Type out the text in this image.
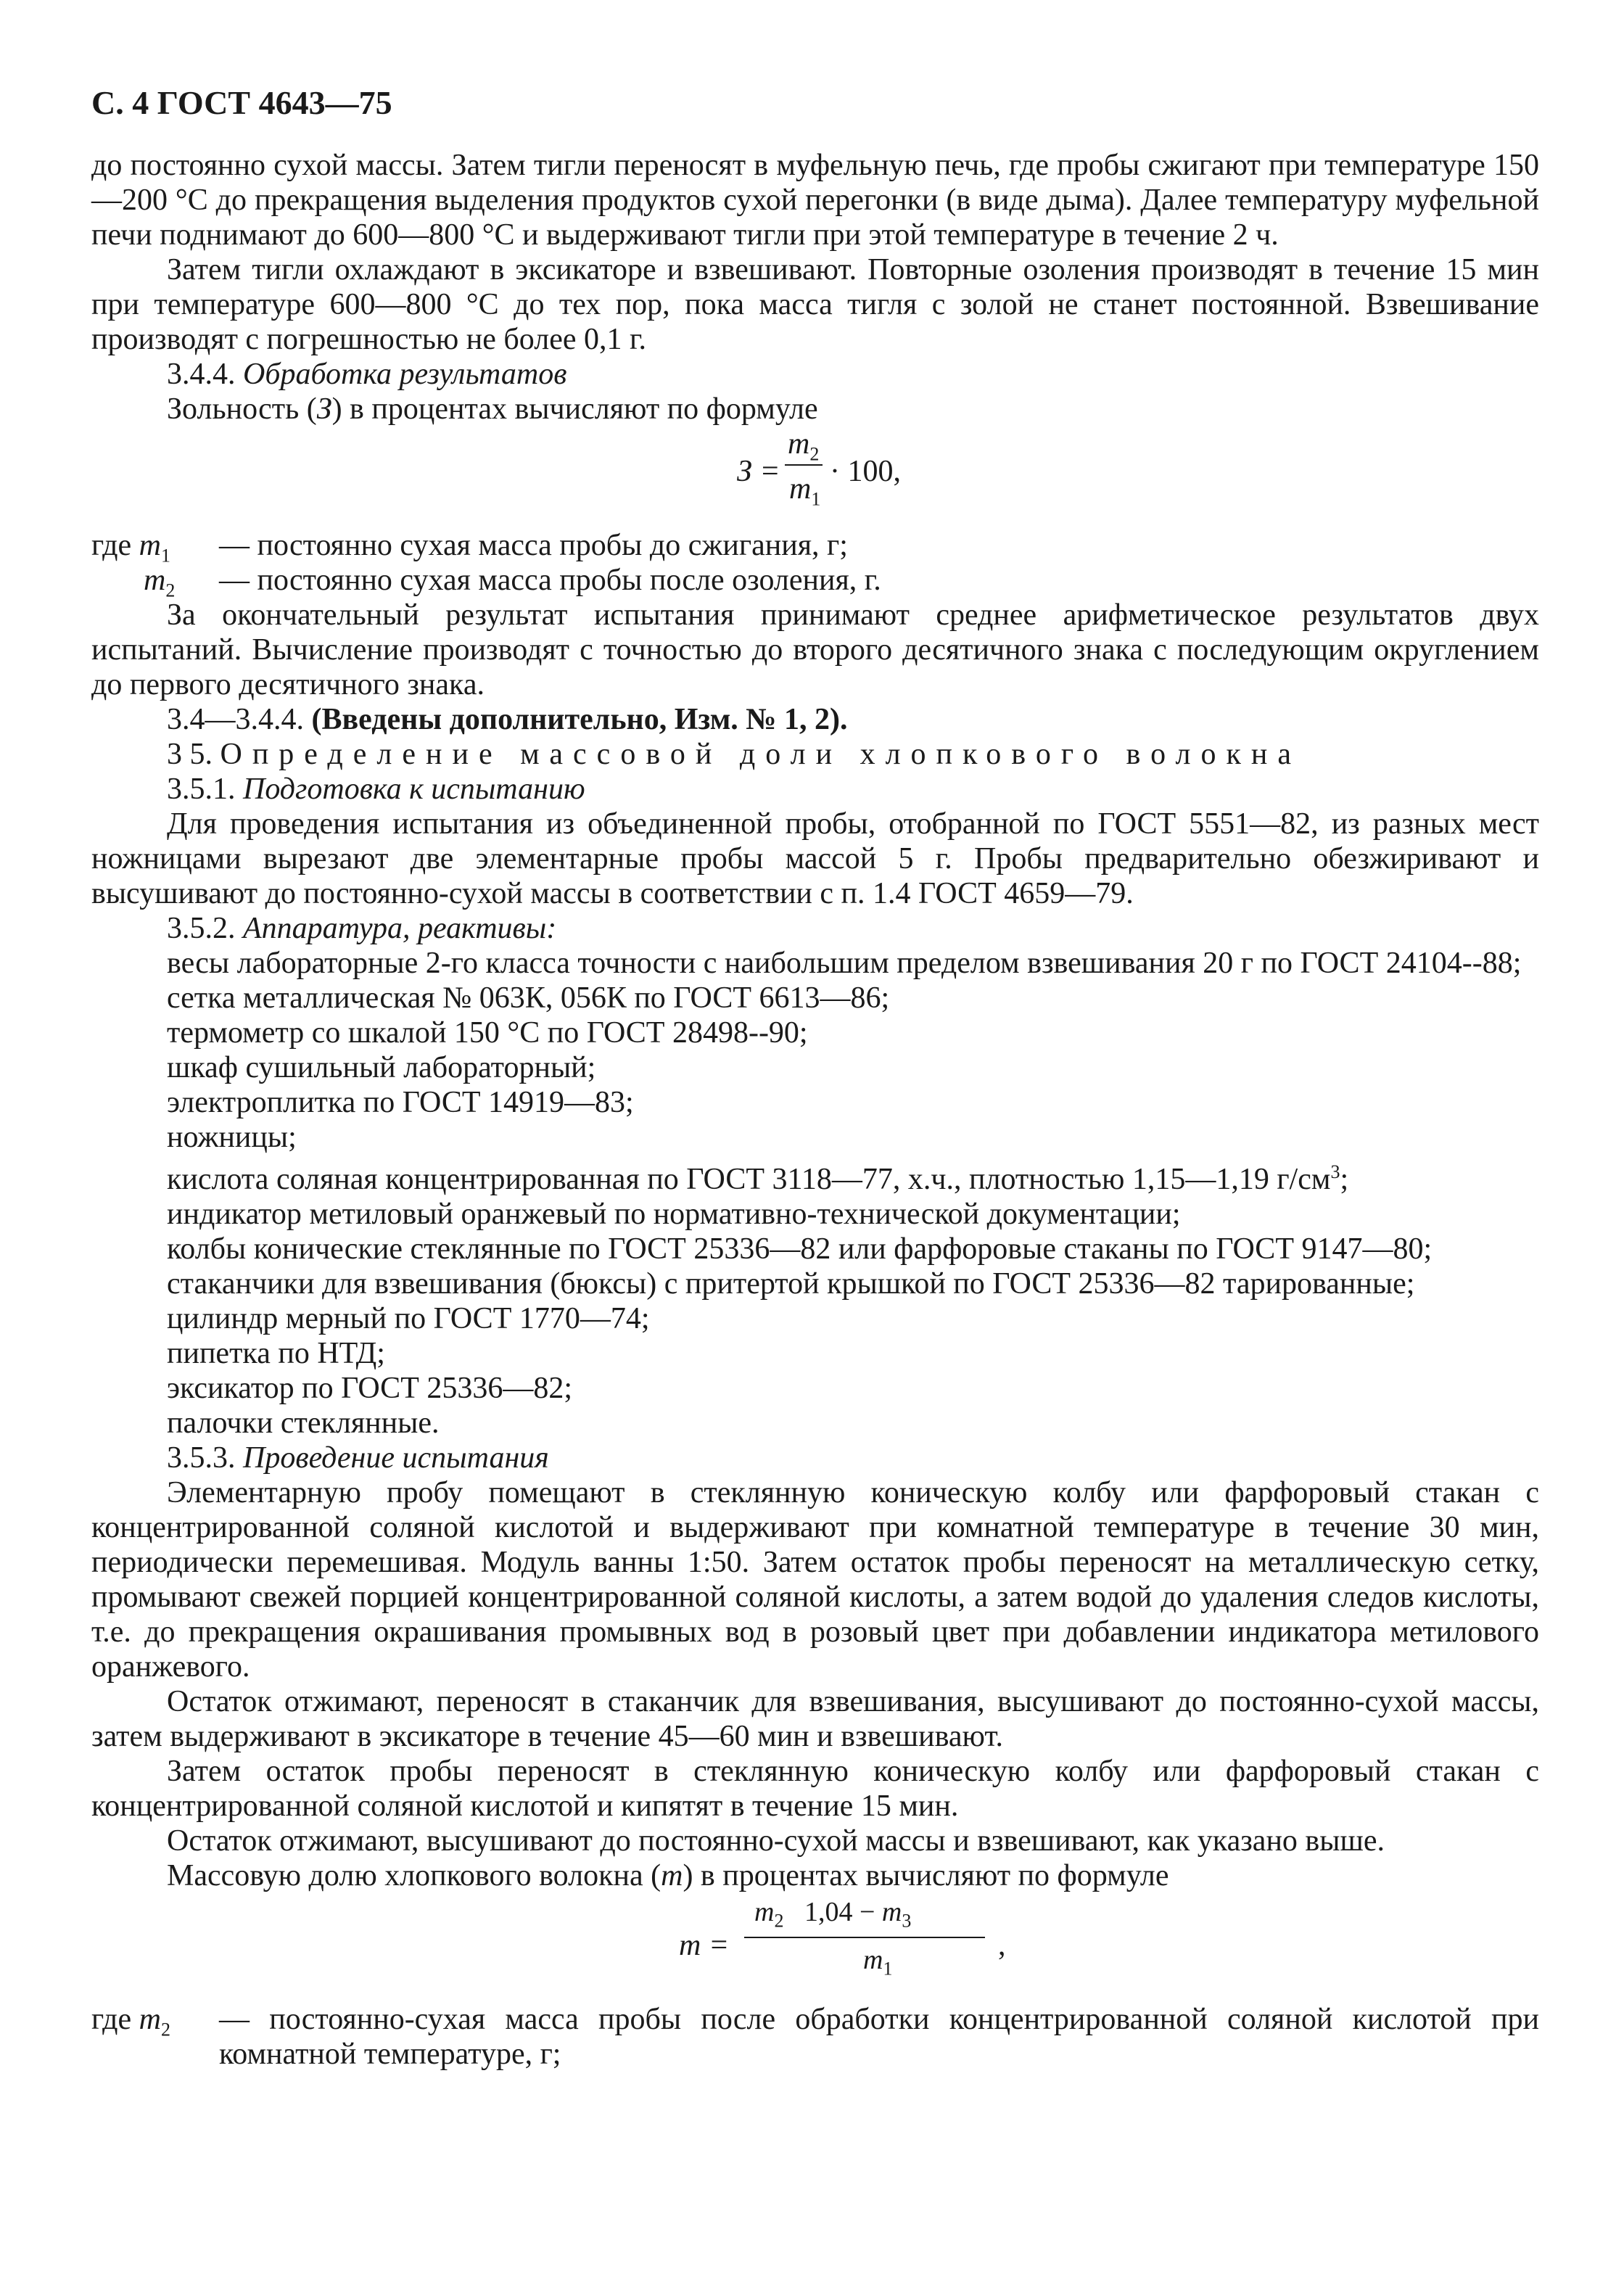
С. 4 ГОСТ 4643—75
до постоянно сухой массы. Затем тигли переносят в муфельную печь, где пробы сжигают при температуре 150—200 °С до прекращения выделения продуктов сухой перегонки (в виде дыма). Далее температуру муфельной печи поднимают до 600—800 °С и выдерживают тигли при этой температуре в течение 2 ч.
Затем тигли охлаждают в эксикаторе и взвешивают. Повторные озоления производят в течение 15 мин при температуре 600—800 °С до тех пор, пока масса тигля с золой не станет постоянной. Взвешивание производят с погрешностью не более 0,1 г.
3.4.4. Обработка результатов
Зольность (З) в процентах вычисляют по формуле
З =
$m_2$
$m_1$
· 100,
где $m_1$ — постоянно сухая масса пробы до сжигания, г;
$m_2$ — постоянно сухая масса пробы после озоления, г.
За окончательный результат испытания принимают среднее арифметическое результатов двух испытаний. Вычисление производят с точностью до второго десятичного знака с последующим округлением до первого десятичного знака.
3.4—3.4.4. (Введены дополнительно, Изм. № 1, 2).
3 5. Определение массовой доли хлопкового волокна
3.5.1. Подготовка к испытанию
Для проведения испытания из объединенной пробы, отобранной по ГОСТ 5551—82, из разных мест ножницами вырезают две элементарные пробы массой 5 г. Пробы предварительно обезжиривают и высушивают до постоянно-сухой массы в соответствии с п. 1.4 ГОСТ 4659—79.
3.5.2. Аппаратура, реактивы:
весы лабораторные 2-го класса точности с наибольшим пределом взвешивания 20 г по ГОСТ 24104--88;
сетка металлическая № 063К, 056К по ГОСТ 6613—86;
термометр со шкалой 150 °С по ГОСТ 28498--90;
шкаф сушильный лабораторный;
электроплитка по ГОСТ 14919—83;
ножницы;
кислота соляная концентрированная по ГОСТ 3118—77, х.ч., плотностью 1,15—1,19 $г/см^3$;
индикатор метиловый оранжевый по нормативно-технической документации;
колбы конические стеклянные по ГОСТ 25336—82 или фарфоровые стаканы по ГОСТ 9147—80;
стаканчики для взвешивания (бюксы) с притертой крышкой по ГОСТ 25336—82 тарированные;
цилиндр мерный по ГОСТ 1770—74;
пипетка по НТД;
эксикатор по ГОСТ 25336—82;
палочки стеклянные.
3.5.3. Проведение испытания
Элементарную пробу помещают в стеклянную коническую колбу или фарфоровый стакан с концентрированной соляной кислотой и выдерживают при комнатной температуре в течение 30 мин, периодически перемешивая. Модуль ванны 1:50. Затем остаток пробы переносят на металлическую сетку, промывают свежей порцией концентрированной соляной кислоты, а затем водой до удаления следов кислоты, т.е. до прекращения окрашивания промывных вод в розовый цвет при добавлении индикатора метилового оранжевого.
Остаток отжимают, переносят в стаканчик для взвешивания, высушивают до постоянно-сухой массы, затем выдерживают в эксикаторе в течение 45—60 мин и взвешивают.
Затем остаток пробы переносят в стеклянную коническую колбу или фарфоровый стакан с концентрированной соляной кислотой и кипятят в течение 15 мин.
Остаток отжимают, высушивают до постоянно-сухой массы и взвешивают, как указано выше.
Массовую долю хлопкового волокна (т) в процентах вычисляют по формуле
т =
$m_2$ $1,04 - m_3$
$m_1$
,
где $m_2$ — постоянно-сухая масса пробы после обработки концентрированной соляной кислотой при комнатной температуре, г;
